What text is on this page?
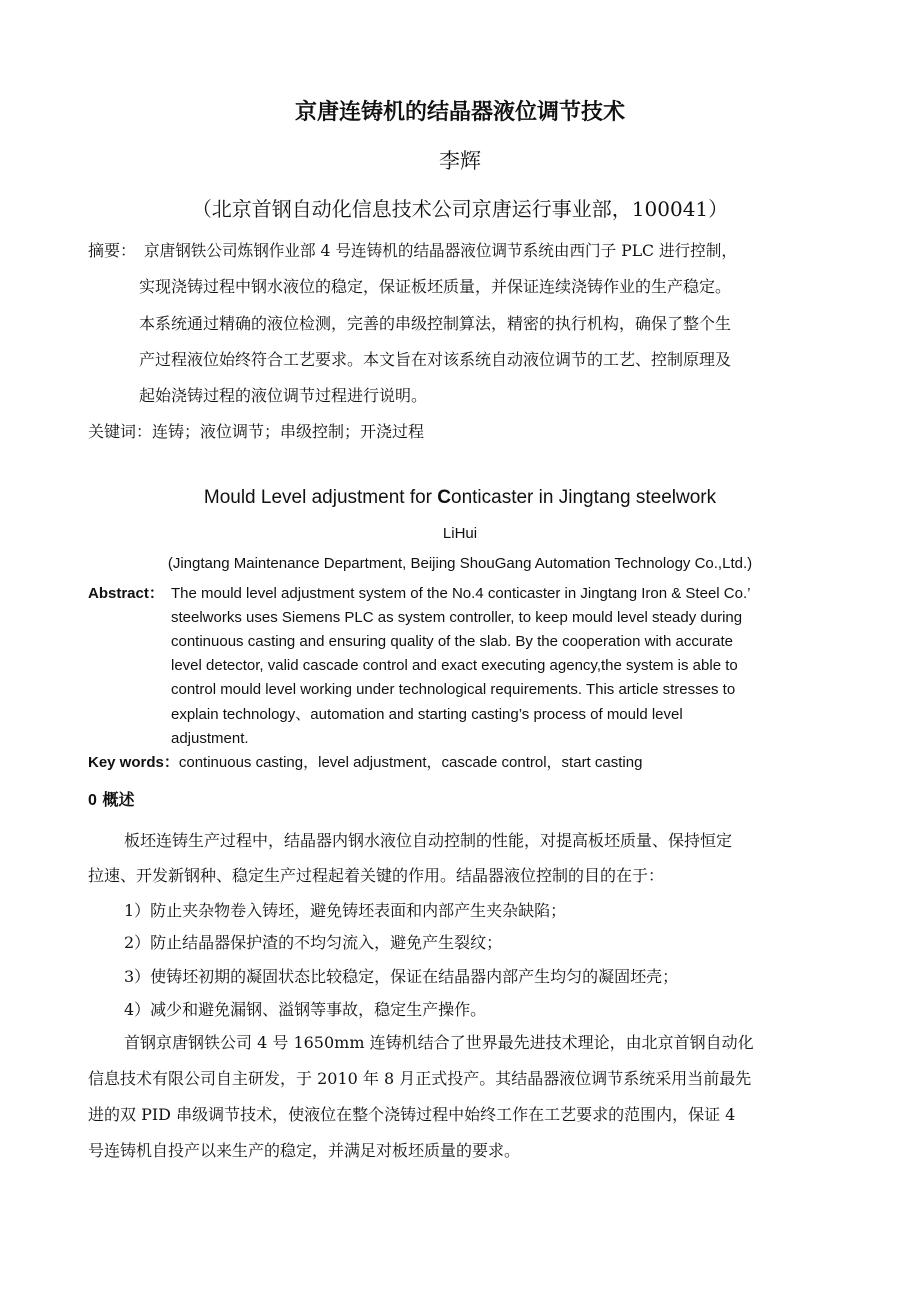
京唐连铸机的结晶器液位调节技术
李辉
（北京首钢自动化信息技术公司京唐运行事业部，100041）
摘要： 京唐钢铁公司炼钢作业部 4 号连铸机的结晶器液位调节系统由西门子 PLC 进行控制，
实现浇铸过程中钢水液位的稳定，保证板坯质量，并保证连续浇铸作业的生产稳定。
本系统通过精确的液位检测，完善的串级控制算法，精密的执行机构，确保了整个生
产过程液位始终符合工艺要求。本文旨在对该系统自动液位调节的工艺、控制原理及
起始浇铸过程的液位调节过程进行说明。
关键词：连铸；液位调节；串级控制；开浇过程
Mould Level adjustment for Conticaster in Jingtang steelwork
LiHui
(Jingtang Maintenance Department, Beijing ShouGang Automation Technology Co.,Ltd.)
Abstract： The mould level adjustment system of the No.4 conticaster in Jingtang Iron & Steel Co.’
steelworks uses Siemens PLC as system controller, to keep mould level steady during
continuous casting and ensuring quality of the slab. By the cooperation with accurate
level detector, valid cascade control and exact executing agency,the system is able to
control mould level working under technological requirements. This article stresses to
explain technology、automation and starting casting’s process of mould level
adjustment.
Key words：continuous casting，level adjustment，cascade control，start casting
0 概述
板坯连铸生产过程中，结晶器内钢水液位自动控制的性能，对提高板坯质量、保持恒定
拉速、开发新钢种、稳定生产过程起着关键的作用。结晶器液位控制的目的在于：
1）防止夹杂物卷入铸坯，避免铸坯表面和内部产生夹杂缺陷；
2）防止结晶器保护渣的不均匀流入，避免产生裂纹；
3）使铸坯初期的凝固状态比较稳定，保证在结晶器内部产生均匀的凝固坯壳；
4）减少和避免漏钢、溢钢等事故，稳定生产操作。
首钢京唐钢铁公司 4 号 1650mm 连铸机结合了世界最先进技术理论，由北京首钢自动化
信息技术有限公司自主研发，于 2010 年 8 月正式投产。其结晶器液位调节系统采用当前最先
进的双 PID 串级调节技术，使液位在整个浇铸过程中始终工作在工艺要求的范围内，保证 4
号连铸机自投产以来生产的稳定，并满足对板坯质量的要求。
